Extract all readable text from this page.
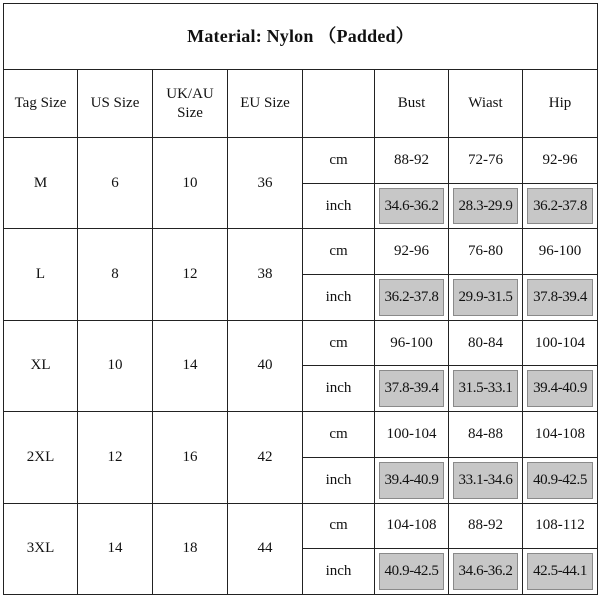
Material: Nylon （Padded）							
Tag Size	US Size	UK/AU Size	EU Size		Bust	Wiast	Hip
M	6	10	36	cm	88-92	72-76	92-96
				inch	34.6-36.2	28.3-29.9	36.2-37.8
L	8	12	38	cm	92-96	76-80	96-100
				inch	36.2-37.8	29.9-31.5	37.8-39.4
XL	10	14	40	cm	96-100	80-84	100-104
				inch	37.8-39.4	31.5-33.1	39.4-40.9
2XL	12	16	42	cm	100-104	84-88	104-108
				inch	39.4-40.9	33.1-34.6	40.9-42.5
3XL	14	18	44	cm	104-108	88-92	108-112
				inch	40.9-42.5	34.6-36.2	42.5-44.1
